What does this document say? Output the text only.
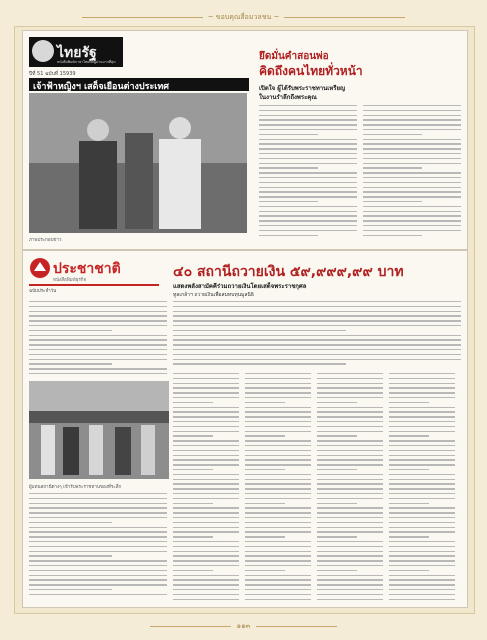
~ ขอบคุณสื่อมวลชน ~
ไทยรัฐ
หนังสือพิมพ์ภาษาไทยที่มีผู้อ่านมากที่สุด
ปีที่ 51 ฉบับที่ 15939
เจ้าฟ้าหญิงฯ เสด็จเยือนต่างประเทศ
ภาพประกอบข่าว
ยึดมั่นคำสอนพ่อ
คิดถึงคนไทยทั่วหน้า
เปิดใจ ผู้ได้รับพระราชทานเหรียญ
ในงานรำลึกถึงพระคุณ
ประชาชาติ
หนังสือพิมพ์ธุรกิจ
ฉบับประจำวัน
๔๐ สถานีถวายเงิน ๕๙,๙๙๙,๙๙ บาท
แสดงพลังสามัคคีร่วมถวายเงินโดยเสด็จพระราชกุศล
ทูลเกล้าฯ ถวายเงินเพื่อสมทบทุนมูลนิธิ
ผู้แทนสถานีต่างๆ เข้ารับพระราชทานของที่ระลึก
๑๑๓
